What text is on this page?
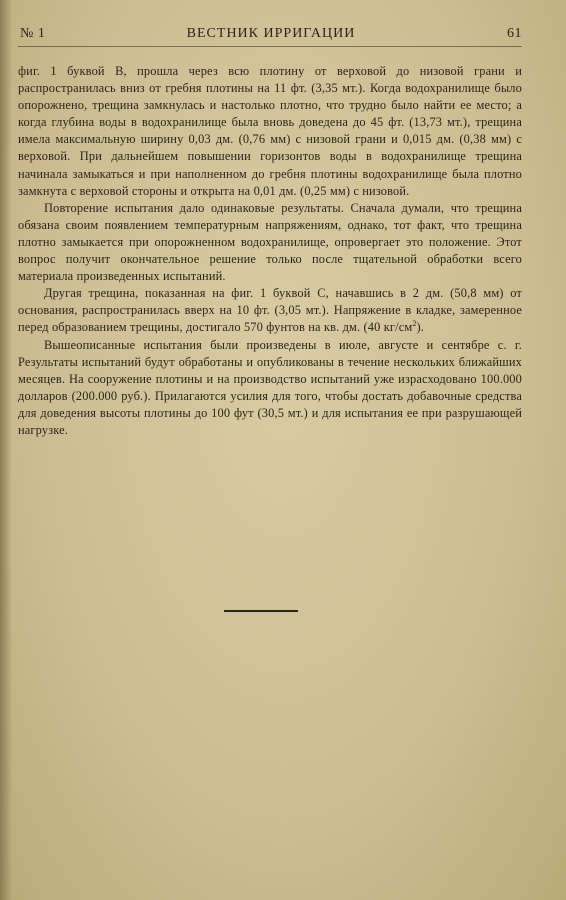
№ 1	ВЕСТНИК ИРРИГАЦИИ	61

фиг. 1 буквой В, прошла через всю плотину от верховой до низовой грани и распространилась вниз от гребня плотины на 11 фт. (3,35 мт.). Когда водохранилище было опорожнено, трещина замкнулась и настолько плотно, что трудно было найти ее место; а когда глубина воды в водохранилище была вновь доведена до 45 фт. (13,73 мт.), трещина имела максимальную ширину 0,03 дм. (0,76 мм) с низовой грани и 0,015 дм. (0,38 мм) с верховой. При дальнейшем повышении горизонтов воды в водохранилище трещина начинала замыкаться и при наполненном до гребня плотины водохранилище была плотно замкнута с верховой стороны и открыта на 0,01 дм. (0,25 мм) с низовой.

Повторение испытания дало одинаковые результаты. Сначала думали, что трещина обязана своим появлением температурным напряжениям, однако, тот факт, что трещина плотно замыкается при опорожненном водохранилище, опровергает это положение. Этот вопрос получит окончательное решение только после тщательной обработки всего материала произведенных испытаний.

Другая трещина, показанная на фиг. 1 буквой С, начавшись в 2 дм. (50,8 мм) от основания, распространилась вверх на 10 фт. (3,05 мт.). Напряжение в кладке, замеренное перед образованием трещины, достигало 570 фунтов на кв. дм. (40 $кг/см^2$).

Вышеописанные испытания были произведены в июле, августе и сентябре с. г. Результаты испытаний будут обработаны и опубликованы в течение нескольких ближайших месяцев. На сооружение плотины и на производство испытаний уже израсходовано 100.000 долларов (200.000 руб.). Прилагаются усилия для того, чтобы достать добавочные средства для доведения высоты плотины до 100 фут (30,5 мт.) и для испытания ее при разрушающей нагрузке.
